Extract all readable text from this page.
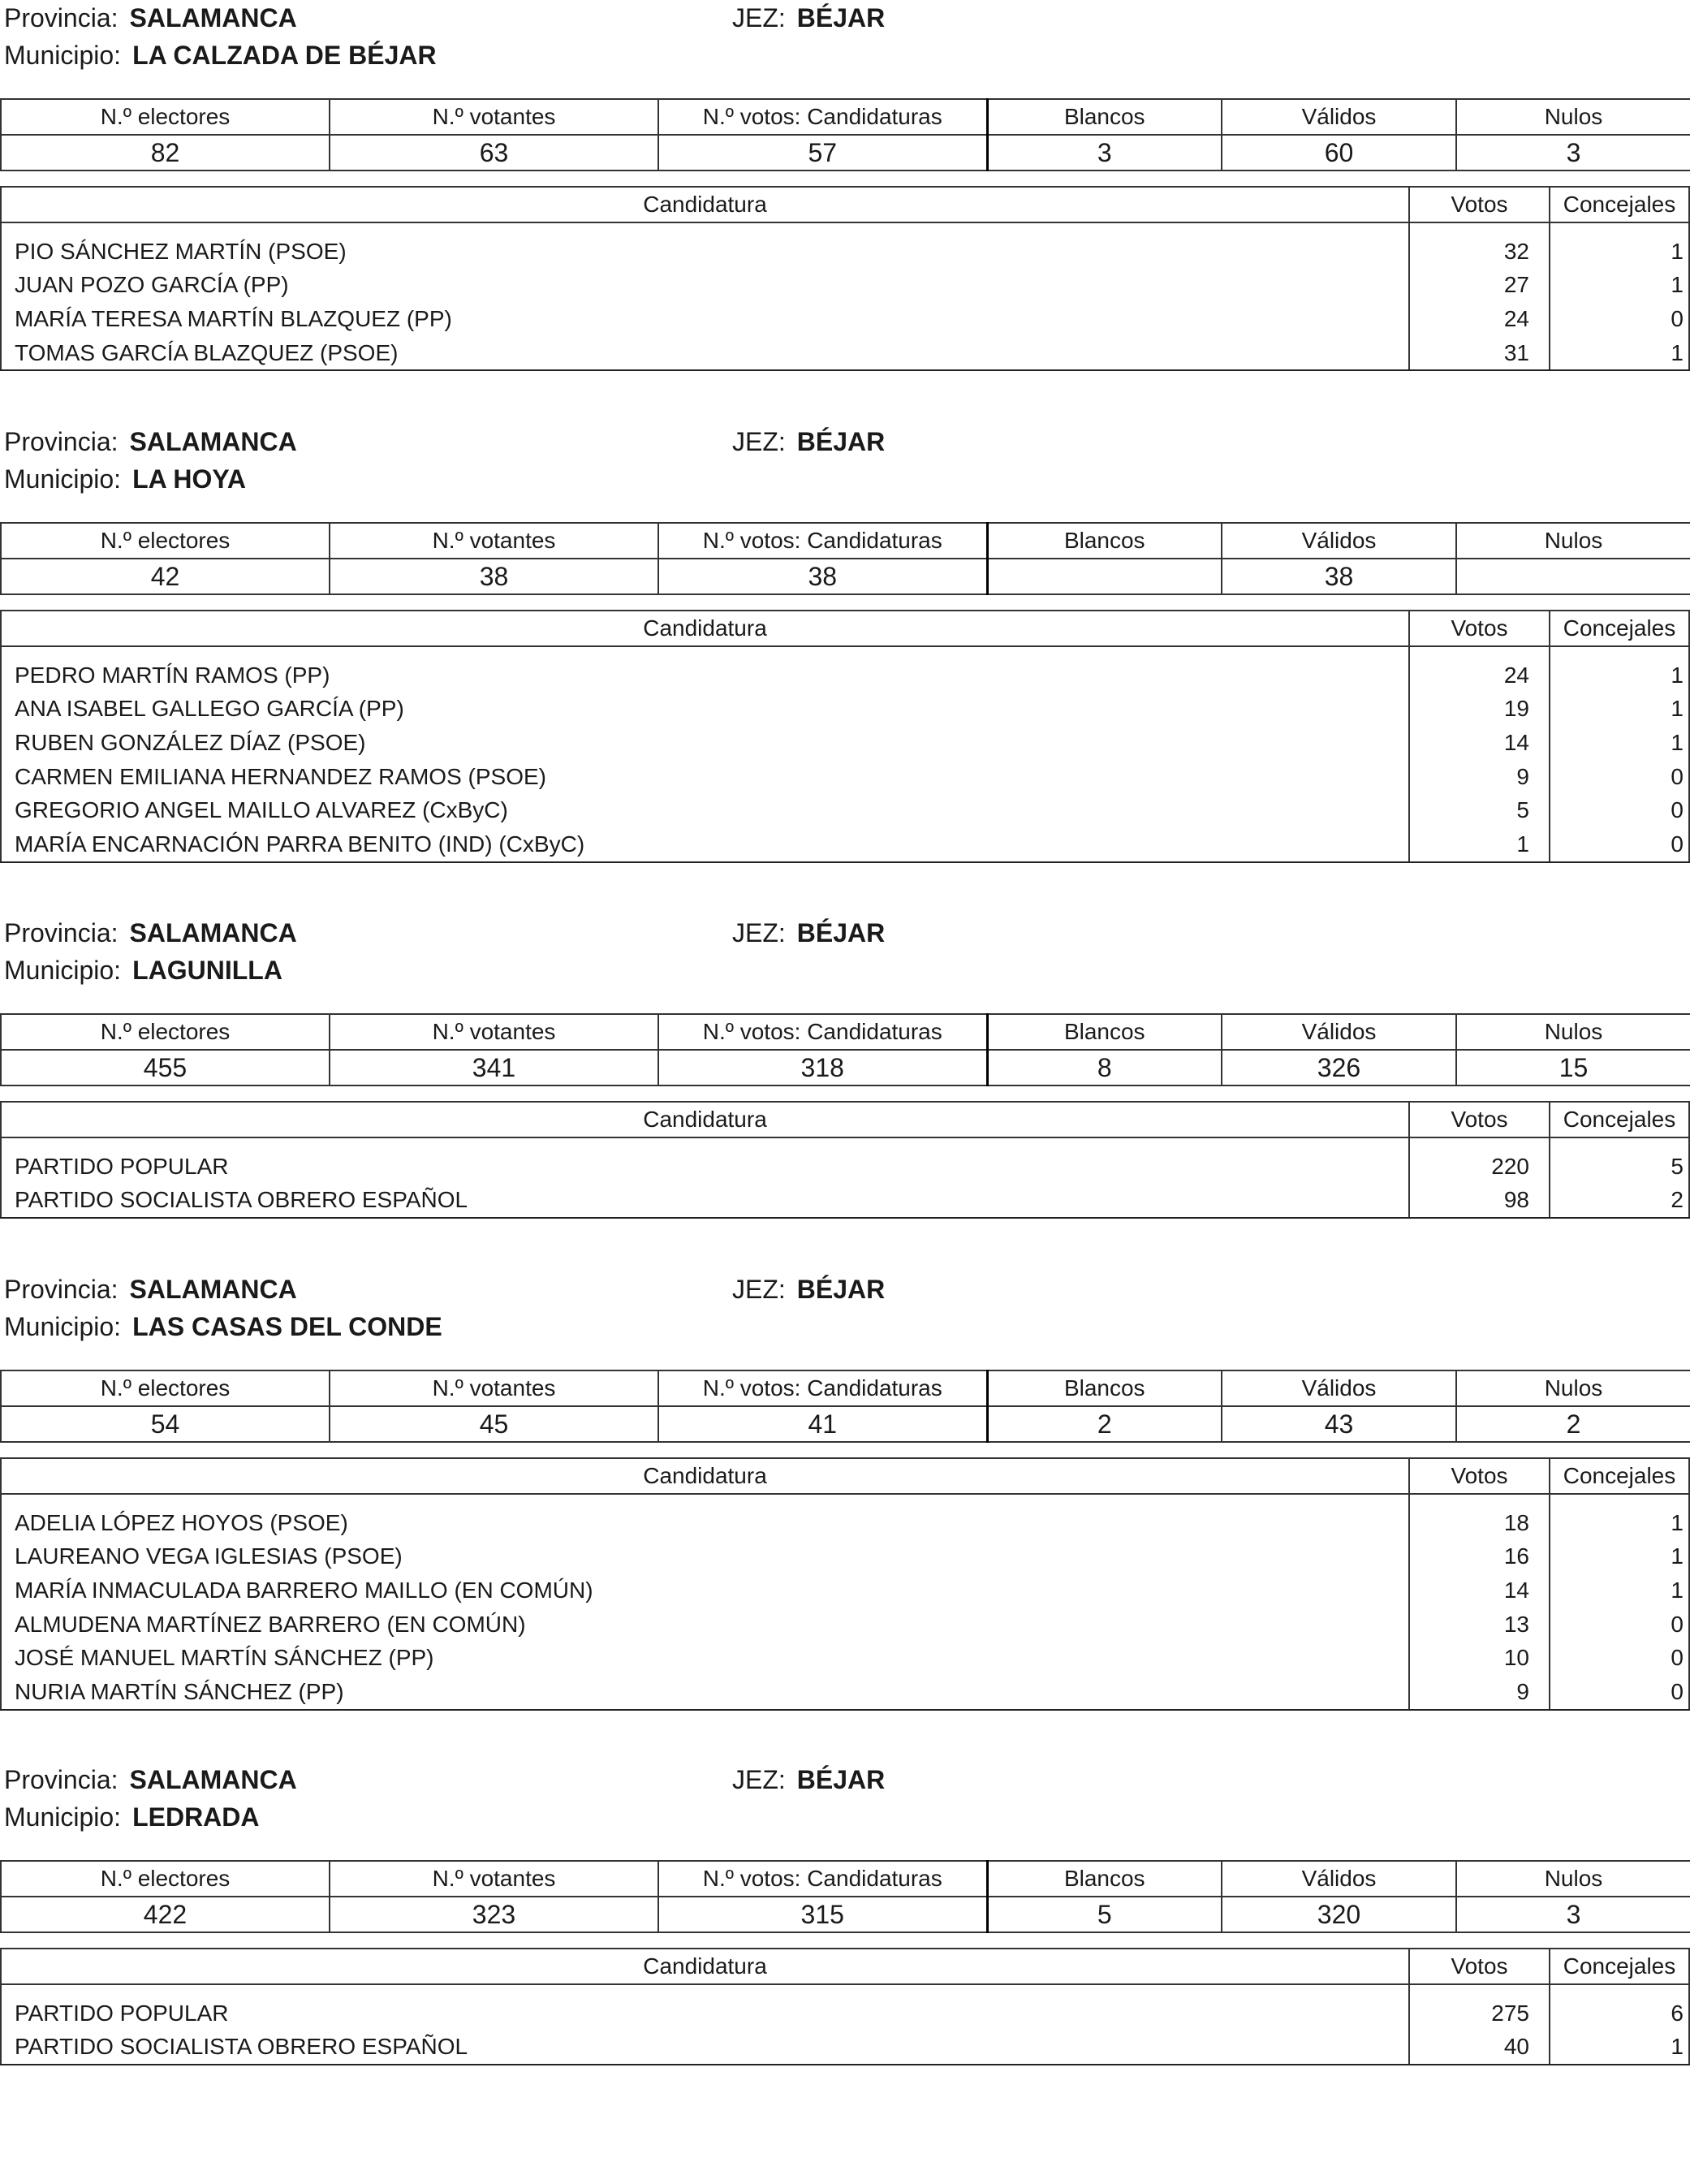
Provincia: SALAMANCA	JEZ: BÉJAR
Municipio: LA CALZADA DE BÉJAR
N.º electores	N.º votantes	N.º votos: Candidaturas	Blancos	Válidos	Nulos
82	63	57	3	60	3
Candidatura	Votos	Concejales
PIO SÁNCHEZ MARTÍN (PSOE)	32	1
JUAN POZO GARCÍA (PP)	27	1
MARÍA TERESA MARTÍN BLAZQUEZ (PP)	24	0
TOMAS GARCÍA BLAZQUEZ (PSOE)	31	1
Provincia: SALAMANCA	JEZ: BÉJAR
Municipio: LA HOYA
N.º electores	N.º votantes	N.º votos: Candidaturas	Blancos	Válidos	Nulos
42	38	38		38	
Candidatura	Votos	Concejales
PEDRO MARTÍN RAMOS (PP)	24	1
ANA ISABEL GALLEGO GARCÍA (PP)	19	1
RUBEN GONZÁLEZ DÍAZ (PSOE)	14	1
CARMEN EMILIANA HERNANDEZ RAMOS (PSOE)	9	0
GREGORIO ANGEL MAILLO ALVAREZ (CxByC)	5	0
MARÍA ENCARNACIÓN PARRA BENITO (IND) (CxByC)	1	0
Provincia: SALAMANCA	JEZ: BÉJAR
Municipio: LAGUNILLA
N.º electores	N.º votantes	N.º votos: Candidaturas	Blancos	Válidos	Nulos
455	341	318	8	326	15
Candidatura	Votos	Concejales
PARTIDO POPULAR	220	5
PARTIDO SOCIALISTA OBRERO ESPAÑOL	98	2
Provincia: SALAMANCA	JEZ: BÉJAR
Municipio: LAS CASAS DEL CONDE
N.º electores	N.º votantes	N.º votos: Candidaturas	Blancos	Válidos	Nulos
54	45	41	2	43	2
Candidatura	Votos	Concejales
ADELIA LÓPEZ HOYOS (PSOE)	18	1
LAUREANO VEGA IGLESIAS (PSOE)	16	1
MARÍA INMACULADA BARRERO MAILLO (EN COMÚN)	14	1
ALMUDENA MARTÍNEZ BARRERO (EN COMÚN)	13	0
JOSÉ MANUEL MARTÍN SÁNCHEZ (PP)	10	0
NURIA MARTÍN SÁNCHEZ (PP)	9	0
Provincia: SALAMANCA	JEZ: BÉJAR
Municipio: LEDRADA
N.º electores	N.º votantes	N.º votos: Candidaturas	Blancos	Válidos	Nulos
422	323	315	5	320	3
Candidatura	Votos	Concejales
PARTIDO POPULAR	275	6
PARTIDO SOCIALISTA OBRERO ESPAÑOL	40	1
